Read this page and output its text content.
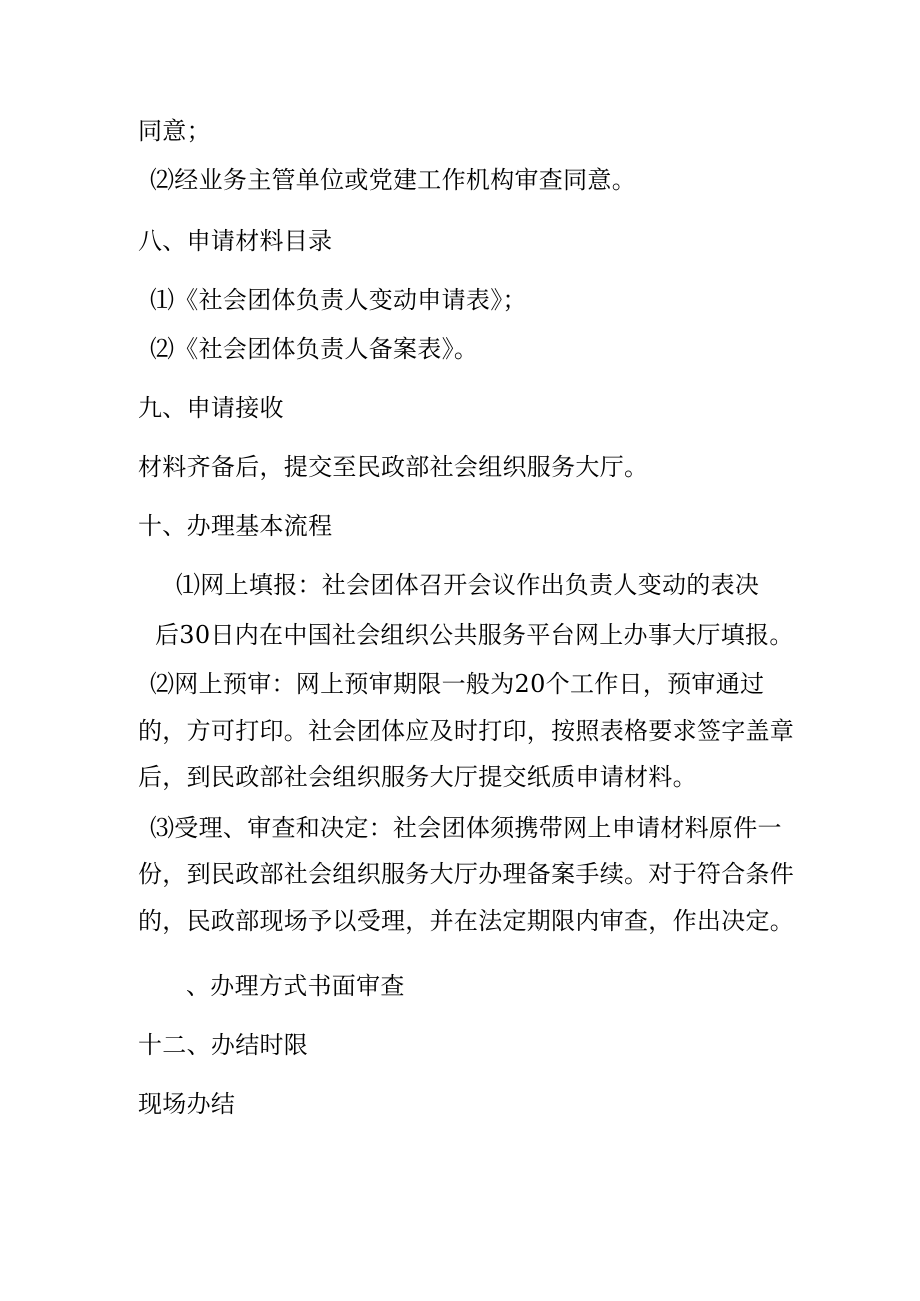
同意；
⑵经业务主管单位或党建工作机构审查同意。
八、申请材料目录
⑴《社会团体负责人变动申请表》；
⑵《社会团体负责人备案表》。
九、申请接收
材料齐备后，提交至民政部社会组织服务大厅。
十、办理基本流程
⑴网上填报：社会团体召开会议作出负责人变动的表决
后30日内在中国社会组织公共服务平台网上办事大厅填报。
⑵网上预审：网上预审期限一般为20个工作日，预审通过
的，方可打印。社会团体应及时打印，按照表格要求签字盖章
后，到民政部社会组织服务大厅提交纸质申请材料。
⑶受理、审查和决定：社会团体须携带网上申请材料原件一
份，到民政部社会组织服务大厅办理备案手续。对于符合条件
的，民政部现场予以受理，并在法定期限内审查，作出决定。
、办理方式书面审查
十二、办结时限
现场办结
